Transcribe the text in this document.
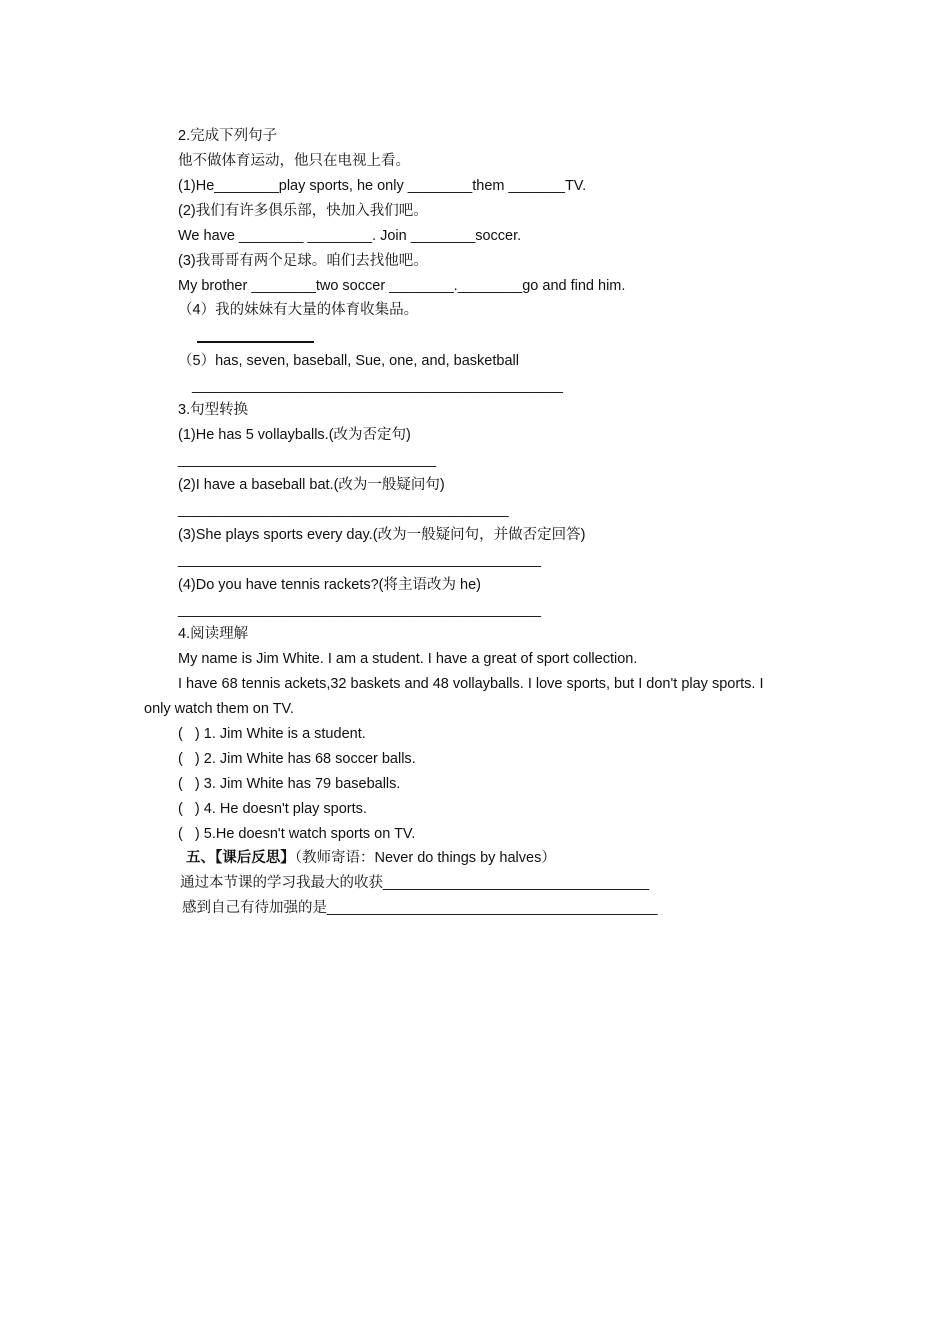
2.完成下列句子
他不做体育运动，他只在电视上看。
(1)He________play sports, he only ________them _______TV.
(2)我们有许多俱乐部，快加入我们吧。
We have ________ ________. Join ________soccer.
(3)我哥哥有两个足球。咱们去找他吧。
My brother ________two soccer ________.________go and find him.
（4）我的妹妹有大量的体育收集品。
（5）has, seven, baseball, Sue, one, and, basketball
______________________________________________
3.句型转换
(1)He has 5 vollayballs.(改为否定句)
________________________________
(2)I have a baseball bat.(改为一般疑问句)
_________________________________________
(3)She plays sports every day.(改为一般疑问句，并做否定回答)
_____________________________________________
(4)Do you have tennis rackets?(将主语改为 he)
_____________________________________________
4.阅读理解
My name is Jim White. I am a student. I have a great of sport collection.
I have 68 tennis ackets,32 baskets and 48 vollayballs. I love sports, but I don't play sports. I
only watch them on TV.
(   ) 1. Jim White is a student.
(   ) 2. Jim White has 68 soccer balls.
(   ) 3. Jim White has 79 baseballs.
(   ) 4. He doesn't play sports.
(   ) 5.He doesn't watch sports on TV.
五、【课后反思】（教师寄语：Never do things by halves）
通过本节课的学习我最大的收获_________________________________
感到自己有待加强的是_________________________________________
